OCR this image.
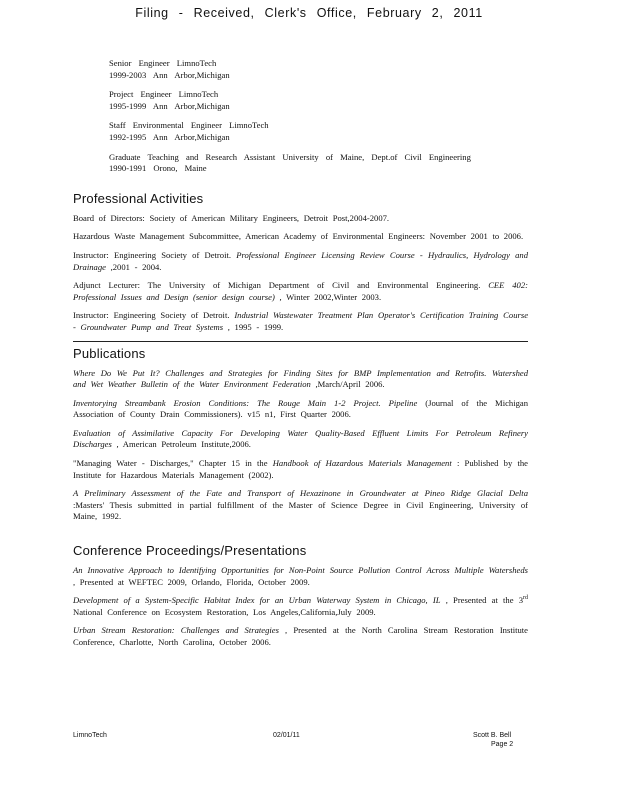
Filing - Received, Clerk's Office, February 2, 2011
Senior Engineer LimnoTech
1999-2003 Ann Arbor,Michigan
Project Engineer LimnoTech
1995-1999 Ann Arbor,Michigan
Staff Environmental Engineer LimnoTech
1992-1995 Ann Arbor,Michigan
Graduate Teaching and Research Assistant University of Maine, Dept.of Civil Engineering
1990-1991 Orono, Maine
Professional Activities
Board of Directors: Society of American Military Engineers, Detroit Post,2004-2007.
Hazardous Waste Management Subcommittee, American Academy of Environmental Engineers: November 2001 to 2006.
Instructor: Engineering Society of Detroit. Professional Engineer Licensing Review Course - Hydraulics, Hydrology and Drainage ,2001 - 2004.
Adjunct Lecturer: The University of Michigan Department of Civil and Environmental Engineering. CEE 402: Professional Issues and Design (senior design course) , Winter 2002,Winter 2003.
Instructor: Engineering Society of Detroit. Industrial Wastewater Treatment Plan Operator's Certification Training Course - Groundwater Pump and Treat Systems , 1995 - 1999.
Publications
Where Do We Put It? Challenges and Strategies for Finding Sites for BMP Implementation and Retrofits. Watershed and Wet Weather Bulletin of the Water Environment Federation ,March/April 2006.
Inventorying Streambank Erosion Conditions: The Rouge Main 1-2 Project. Pipeline (Journal of the Michigan Association of County Drain Commissioners). v15 n1, First Quarter 2006.
Evaluation of Assimilative Capacity For Developing Water Quality-Based Effluent Limits For Petroleum Refinery Discharges , American Petroleum Institute,2006.
"Managing Water - Discharges," Chapter 15 in the Handbook of Hazardous Materials Management : Published by the Institute for Hazardous Materials Management (2002).
A Preliminary Assessment of the Fate and Transport of Hexazinone in Groundwater at Pineo Ridge Glacial Delta :Masters' Thesis submitted in partial fulfillment of the Master of Science Degree in Civil Engineering, University of Maine, 1992.
Conference Proceedings/Presentations
An Innovative Approach to Identifying Opportunities for Non-Point Source Pollution Control Across Multiple Watersheds , Presented at WEFTEC 2009, Orlando, Florida, October 2009.
Development of a System-Specific Habitat Index for an Urban Waterway System in Chicago, IL , Presented at the 3rd National Conference on Ecosystem Restoration, Los Angeles,California,July 2009.
Urban Stream Restoration: Challenges and Strategies , Presented at the North Carolina Stream Restoration Institute Conference, Charlotte, North Carolina, October 2006.
LimnoTech	02/01/11	Scott B. Bell
Page 2
